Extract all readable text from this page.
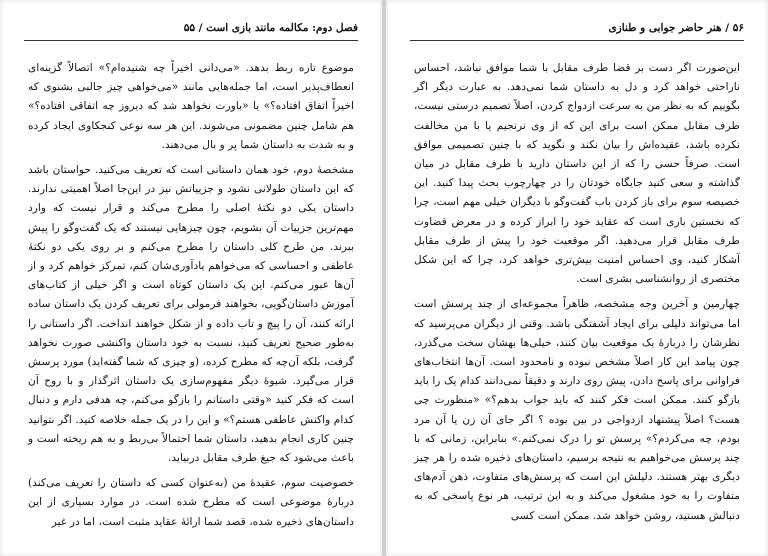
فصل دوم: مکالمه مانند بازی است / ۵۵

موضوع تازه ربط بدهد. «می‌دانی اخیراً چه شنیده‌ام؟» اتصالاً گزینه‌ای انعطاف‌پذیر است، اما جمله‌هایی مانند «می‌خواهی چیز جالبی بشنوی که اخیراً اتفاق افتاده؟» یا «باورت نخواهد شد که دیروز چه اتفاقی افتاده؟» هم شامل چنین مضمونی می‌شوند. این هر سه نوعی کنجکاوی ایجاد کرده و به شدت به داستان شما پر و بال می‌دهند.

مشخصهٔ دوم، خود همان داستانی است که تعریف می‌کنید. حواستان باشد که این داستان طولانی نشود و جزییاتش نیز در این‌جا اصلاً اهمیتی ندارند. داستان یکی دو نکتهٔ اصلی را مطرح می‌کند و قرار نیست که وارد مهم‌ترین جزییات آن بشویم، چون چیزهایی نیستند که یک گفت‌وگو را پیش ببرند. من طرح کلی داستان را مطرح می‌کنم و بر روی یکی دو نکتهٔ عاطفی و احساسی که می‌خواهم یادآوری‌شان کنم، تمرکز خواهم کرد و از آن‌ها عبور می‌کنم. این یک داستان کوتاه است و اگر خیلی از کتاب‌های آموزش داستان‌گویی، بخواهند فرمولی برای تعریف کردن یک داستان ساده ارائه کنند، آن را پیچ و تاب داده و از شکل خواهند انداخت. اگر داستانی را به‌طور صحیح تعریف کنید، نسبت به خود داستان واکنشی صورت نخواهد گرفت، بلکه آن‌چه که مطرح کرده، (و چیزی که شما گفته‌اید) مورد پرسش قرار می‌گیرد. شیوهٔ دیگر مفهوم‌سازی یک داستان اثرگذار و با روح آن است که فکر کنید «وقتی داستانم را بازگو می‌کنم، چه هدفی دارم و دنبال کدام واکنش عاطفی هستم؟» و این را در یک جمله خلاصه کنید. اگر نتوانید چنین کاری انجام بدهید، داستان شما احتمالاً بی‌ربط و به هم ریخته است و باعث می‌شود که جیغ طرف مقابل دربیاید.

خصوصیت سوم، عقیدهٔ من (به‌عنوان کسی که داستان را تعریف می‌کند) دربارهٔ موضوعی است که مطرح شده است. در موارد بسیاری از این داستان‌های ذخیره شده، قصد شما ارائهٔ عقاید مثبت است، اما در غیر

۵۶ / هنر حاضر جوابی و طنازی

این‌صورت اگر دست بر قضا طرف مقابل با شما موافق نباشد، احساس ناراحتی خواهد کرد و دل به داستان شما نمی‌دهد. به عبارت دیگر اگر بگوییم که به نظر من به سرعت ازدواج کردن، اصلاً تصمیم درستی نیست، طرف مقابل ممکن است برای این که از وی نرنجیم یا با من مخالفت نکرده باشد، عقیده‌اش را بیان نکند و نگوید که با چنین تصمیمی موافق است. صرفاً حسی را که از این داستان دارید با طرف مقابل در میان گذاشته و سعی کنید جایگاه خودتان را در چهارچوب بحث پیدا کنید. این خصیصه سوم برای باز کردن باب گفت‌وگو با دیگران خیلی مهم است، چرا که نخستین باری است که عقاید خود را ابراز کرده و در معرض قضاوت طرف مقابل قرار می‌دهید. اگر موقعیت خود را پیش از طرف مقابل آشکار کنید، وی احساس امنیت بیش‌تری خواهد کرد، چرا که این شکل مختصری از روانشناسی بشری است.

چهارمین و آخرین وجه مشخصه، ظاهراً مجموعه‌ای از چند پرسش است اما می‌تواند دلیلی برای ایجاد آشفتگی باشد. وقتی از دیگران می‌پرسید که نظرشان را دربارهٔ یک موقعیت بیان کنند، خیلی‌ها بهشان سخت می‌گذرد، چون پیامد این کار اصلاً مشخص نبوده و نامحدود است. آن‌ها انتخاب‌های فراوانی برای پاسخ دادن، پیش روی دارند و دقیقاً نمی‌دانند کدام یک را باید بازگو کنند. ممکن است فکر کنند که باید جواب بدهم؟» «منظورت چی هست؟ اصلاً پیشنهاد ازدواجی در بین بوده ؟ اگر جای آن زن یا آن مرد بودم، چه می‌کردم؟» پرسش تو را درک نمی‌کنم.» بنابراین، زمانی که با چند پرسش می‌خواهیم به نتیجه برسیم، داستان‌های ذخیره شده را هر چیز دیگری بهتر هستند. دلیلش این است که پرسش‌های متفاوت، ذهن آدم‌های متفاوت را به خود مشغول می‌کند و به این ترتیب، هر نوع پاسخی که به دنبالش هستید، روشن خواهد شد. ممکن است کسی
